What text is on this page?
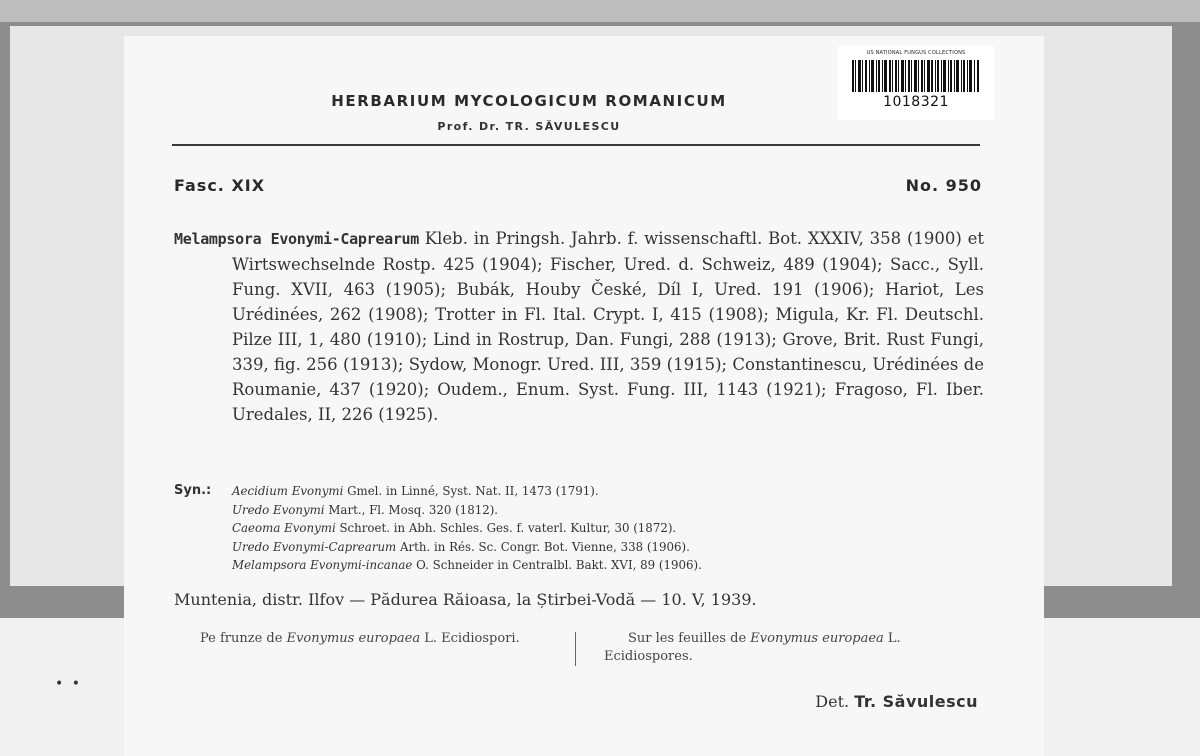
• •
HERBARIUM MYCOLOGICUM ROMANICUM
Prof. Dr. TR. SĂVULESCU
Fasc. XIX	No. 950
Melampsora Evonymi-Caprearum Kleb. in Pringsh. Jahrb. f. wissenschaftl. Bot. XXXIV, 358 (1900) et Wirtswechselnde Rostp. 425 (1904); Fischer, Ured. d. Schweiz, 489 (1904); Sacc., Syll. Fung. XVII, 463 (1905); Bubák, Houby České, Díl I, Ured. 191 (1906); Hariot, Les Urédinées, 262 (1908); Trotter in Fl. Ital. Crypt. I, 415 (1908); Migula, Kr. Fl. Deutschl. Pilze III, 1, 480 (1910); Lind in Rostrup, Dan. Fungi, 288 (1913); Grove, Brit. Rust Fungi, 339, fig. 256 (1913); Sydow, Monogr. Ured. III, 359 (1915); Constantinescu, Urédinées de Roumanie, 437 (1920); Oudem., Enum. Syst. Fung. III, 1143 (1921); Fragoso, Fl. Iber. Uredales, II, 226 (1925).
Syn.:	Aecidium Evonymi Gmel. in Linné, Syst. Nat. II, 1473 (1791).
Uredo Evonymi Mart., Fl. Mosq. 320 (1812).
Caeoma Evonymi Schroet. in Abh. Schles. Ges. f. vaterl. Kultur, 30 (1872).
Uredo Evonymi-Caprearum Arth. in Rés. Sc. Congr. Bot. Vienne, 338 (1906).
Melampsora Evonymi-incanae O. Schneider in Centralbl. Bakt. XVI, 89 (1906).
Muntenia, distr. Ilfov — Pădurea Răioasa, la Știrbei-Vodă — 10. V, 1939.
Pe frunze de Evonymus europaea L. Ecidiospori.	Sur les feuilles de Evonymus europaea L. Ecidiospores.
Det. Tr. Săvulescu
US NATIONAL FUNGUS COLLECTIONS
1018321
